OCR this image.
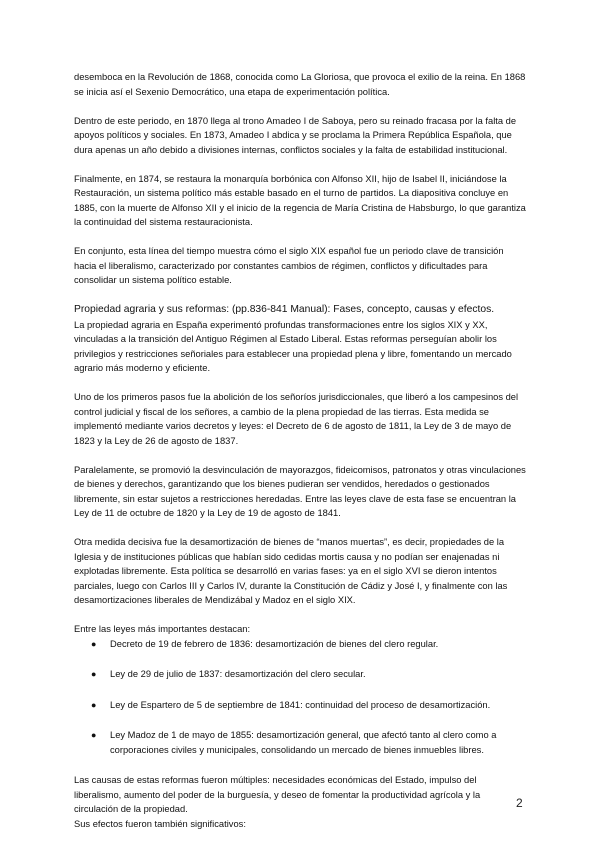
desemboca en la Revolución de 1868, conocida como La Gloriosa, que provoca el exilio de la reina. En 1868 se inicia así el Sexenio Democrático, una etapa de experimentación política.

Dentro de este periodo, en 1870 llega al trono Amadeo I de Saboya, pero su reinado fracasa por la falta de apoyos políticos y sociales. En 1873, Amadeo I abdica y se proclama la Primera República Española, que dura apenas un año debido a divisiones internas, conflictos sociales y la falta de estabilidad institucional.

Finalmente, en 1874, se restaura la monarquía borbónica con Alfonso XII, hijo de Isabel II, iniciándose la Restauración, un sistema político más estable basado en el turno de partidos. La diapositiva concluye en 1885, con la muerte de Alfonso XII y el inicio de la regencia de María Cristina de Habsburgo, lo que garantiza la continuidad del sistema restauracionista.

En conjunto, esta línea del tiempo muestra cómo el siglo XIX español fue un periodo clave de transición hacia el liberalismo, caracterizado por constantes cambios de régimen, conflictos y dificultades para consolidar un sistema político estable.

Propiedad agraria y sus reformas: (pp.836-841 Manual): Fases, concepto, causas y efectos.
La propiedad agraria en España experimentó profundas transformaciones entre los siglos XIX y XX, vinculadas a la transición del Antiguo Régimen al Estado Liberal. Estas reformas perseguían abolir los privilegios y restricciones señoriales para establecer una propiedad plena y libre, fomentando un mercado agrario más moderno y eficiente.

Uno de los primeros pasos fue la abolición de los señoríos jurisdiccionales, que liberó a los campesinos del control judicial y fiscal de los señores, a cambio de la plena propiedad de las tierras. Esta medida se implementó mediante varios decretos y leyes: el Decreto de 6 de agosto de 1811, la Ley de 3 de mayo de 1823 y la Ley de 26 de agosto de 1837.

Paralelamente, se promovió la desvinculación de mayorazgos, fideicomisos, patronatos y otras vinculaciones de bienes y derechos, garantizando que los bienes pudieran ser vendidos, heredados o gestionados libremente, sin estar sujetos a restricciones heredadas. Entre las leyes clave de esta fase se encuentran la Ley de 11 de octubre de 1820 y la Ley de 19 de agosto de 1841.

Otra medida decisiva fue la desamortización de bienes de “manos muertas”, es decir, propiedades de la Iglesia y de instituciones públicas que habían sido cedidas mortis causa y no podían ser enajenadas ni explotadas libremente. Esta política se desarrolló en varias fases: ya en el siglo XVI se dieron intentos parciales, luego con Carlos III y Carlos IV, durante la Constitución de Cádiz y José I, y finalmente con las desamortizaciones liberales de Mendizábal y Madoz en el siglo XIX.

Entre las leyes más importantes destacan:

● Decreto de 19 de febrero de 1836: desamortización de bienes del clero regular.
● Ley de 29 de julio de 1837: desamortización del clero secular.
● Ley de Espartero de 5 de septiembre de 1841: continuidad del proceso de desamortización.
● Ley Madoz de 1 de mayo de 1855: desamortización general, que afectó tanto al clero como a corporaciones civiles y municipales, consolidando un mercado de bienes inmuebles libres.

Las causas de estas reformas fueron múltiples: necesidades económicas del Estado, impulso del liberalismo, aumento del poder de la burguesía, y deseo de fomentar la productividad agrícola y la circulación de la propiedad.

Sus efectos fueron también significativos:

2
